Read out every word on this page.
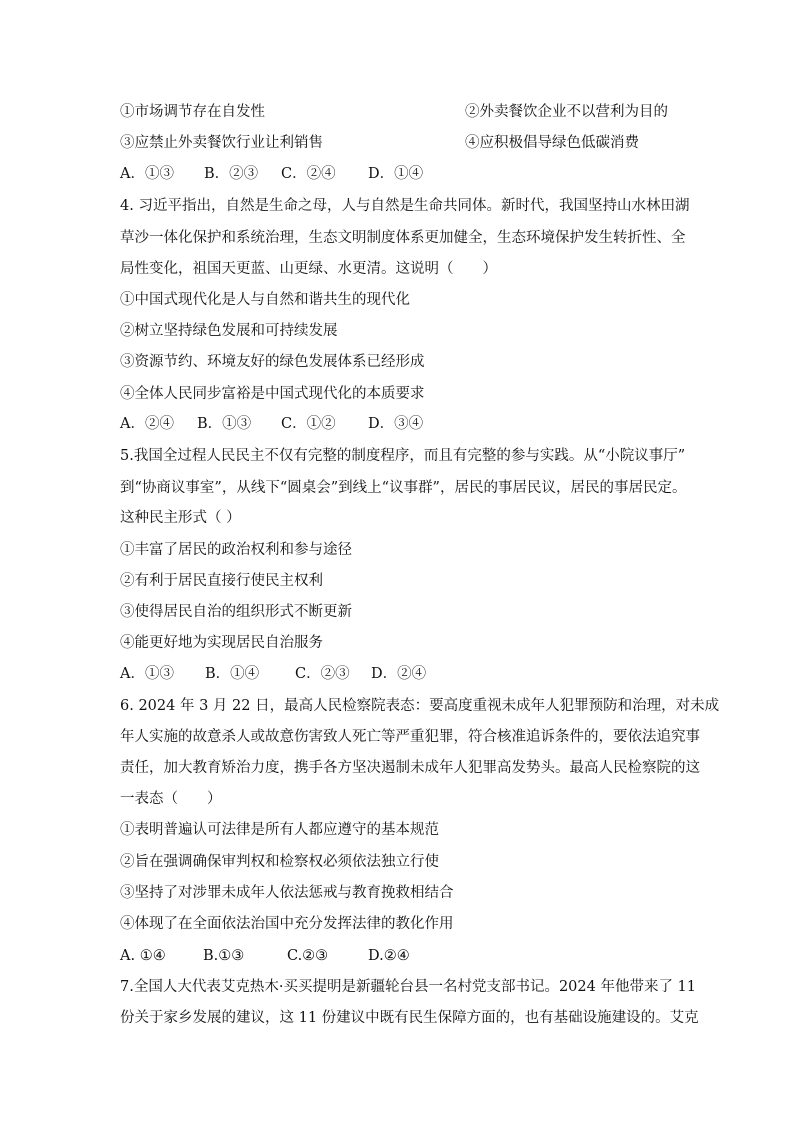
①市场调节存在自发性	②外卖餐饮企业不以营利为目的
③应禁止外卖餐饮行业让利销售	④应积极倡导绿色低碳消费
A．①③ B．②③ C．②④ D．①④
4. 习近平指出，自然是生命之母，人与自然是生命共同体。新时代，我国坚持山水林田湖
草沙一体化保护和系统治理，生态文明制度体系更加健全，生态环境保护发生转折性、全
局性变化，祖国天更蓝、山更绿、水更清。这说明（　　）
①中国式现代化是人与自然和谐共生的现代化
②树立坚持绿色发展和可持续发展
③资源节约、环境友好的绿色发展体系已经形成
④全体人民同步富裕是中国式现代化的本质要求
A．②④ B．①③ C．①② D．③④
5.我国全过程人民民主不仅有完整的制度程序，而且有完整的参与实践。从“小院议事厅”
到“协商议事室”，从线下“圆桌会”到线上“议事群”，居民的事居民议，居民的事居民定。
这种民主形式（ ）
①丰富了居民的政治权利和参与途径
②有利于居民直接行使民主权利
③使得居民自治的组织形式不断更新
④能更好地为实现居民自治服务
A．①③ B．①④ C．②③ D．②④
6. 2024 年 3 月 22 日，最高人民检察院表态：要高度重视未成年人犯罪预防和治理，对未成
年人实施的故意杀人或故意伤害致人死亡等严重犯罪，符合核准追诉条件的，要依法追究事
责任，加大教育矫治力度，携手各方坚决遏制未成年人犯罪高发势头。最高人民检察院的这
一表态（　　）
①表明普遍认可法律是所有人都应遵守的基本规范
②旨在强调确保审判权和检察权必须依法独立行使
③坚持了对涉罪未成年人依法惩戒与教育挽救相结合
④体现了在全面依法治国中充分发挥法律的教化作用
A. ①④	B.①③	C.②③	D.②④
7.全国人大代表艾克热木·买买提明是新疆轮台县一名村党支部书记。2024 年他带来了 11
份关于家乡发展的建议，这 11 份建议中既有民生保障方面的，也有基础设施建设的。艾克
